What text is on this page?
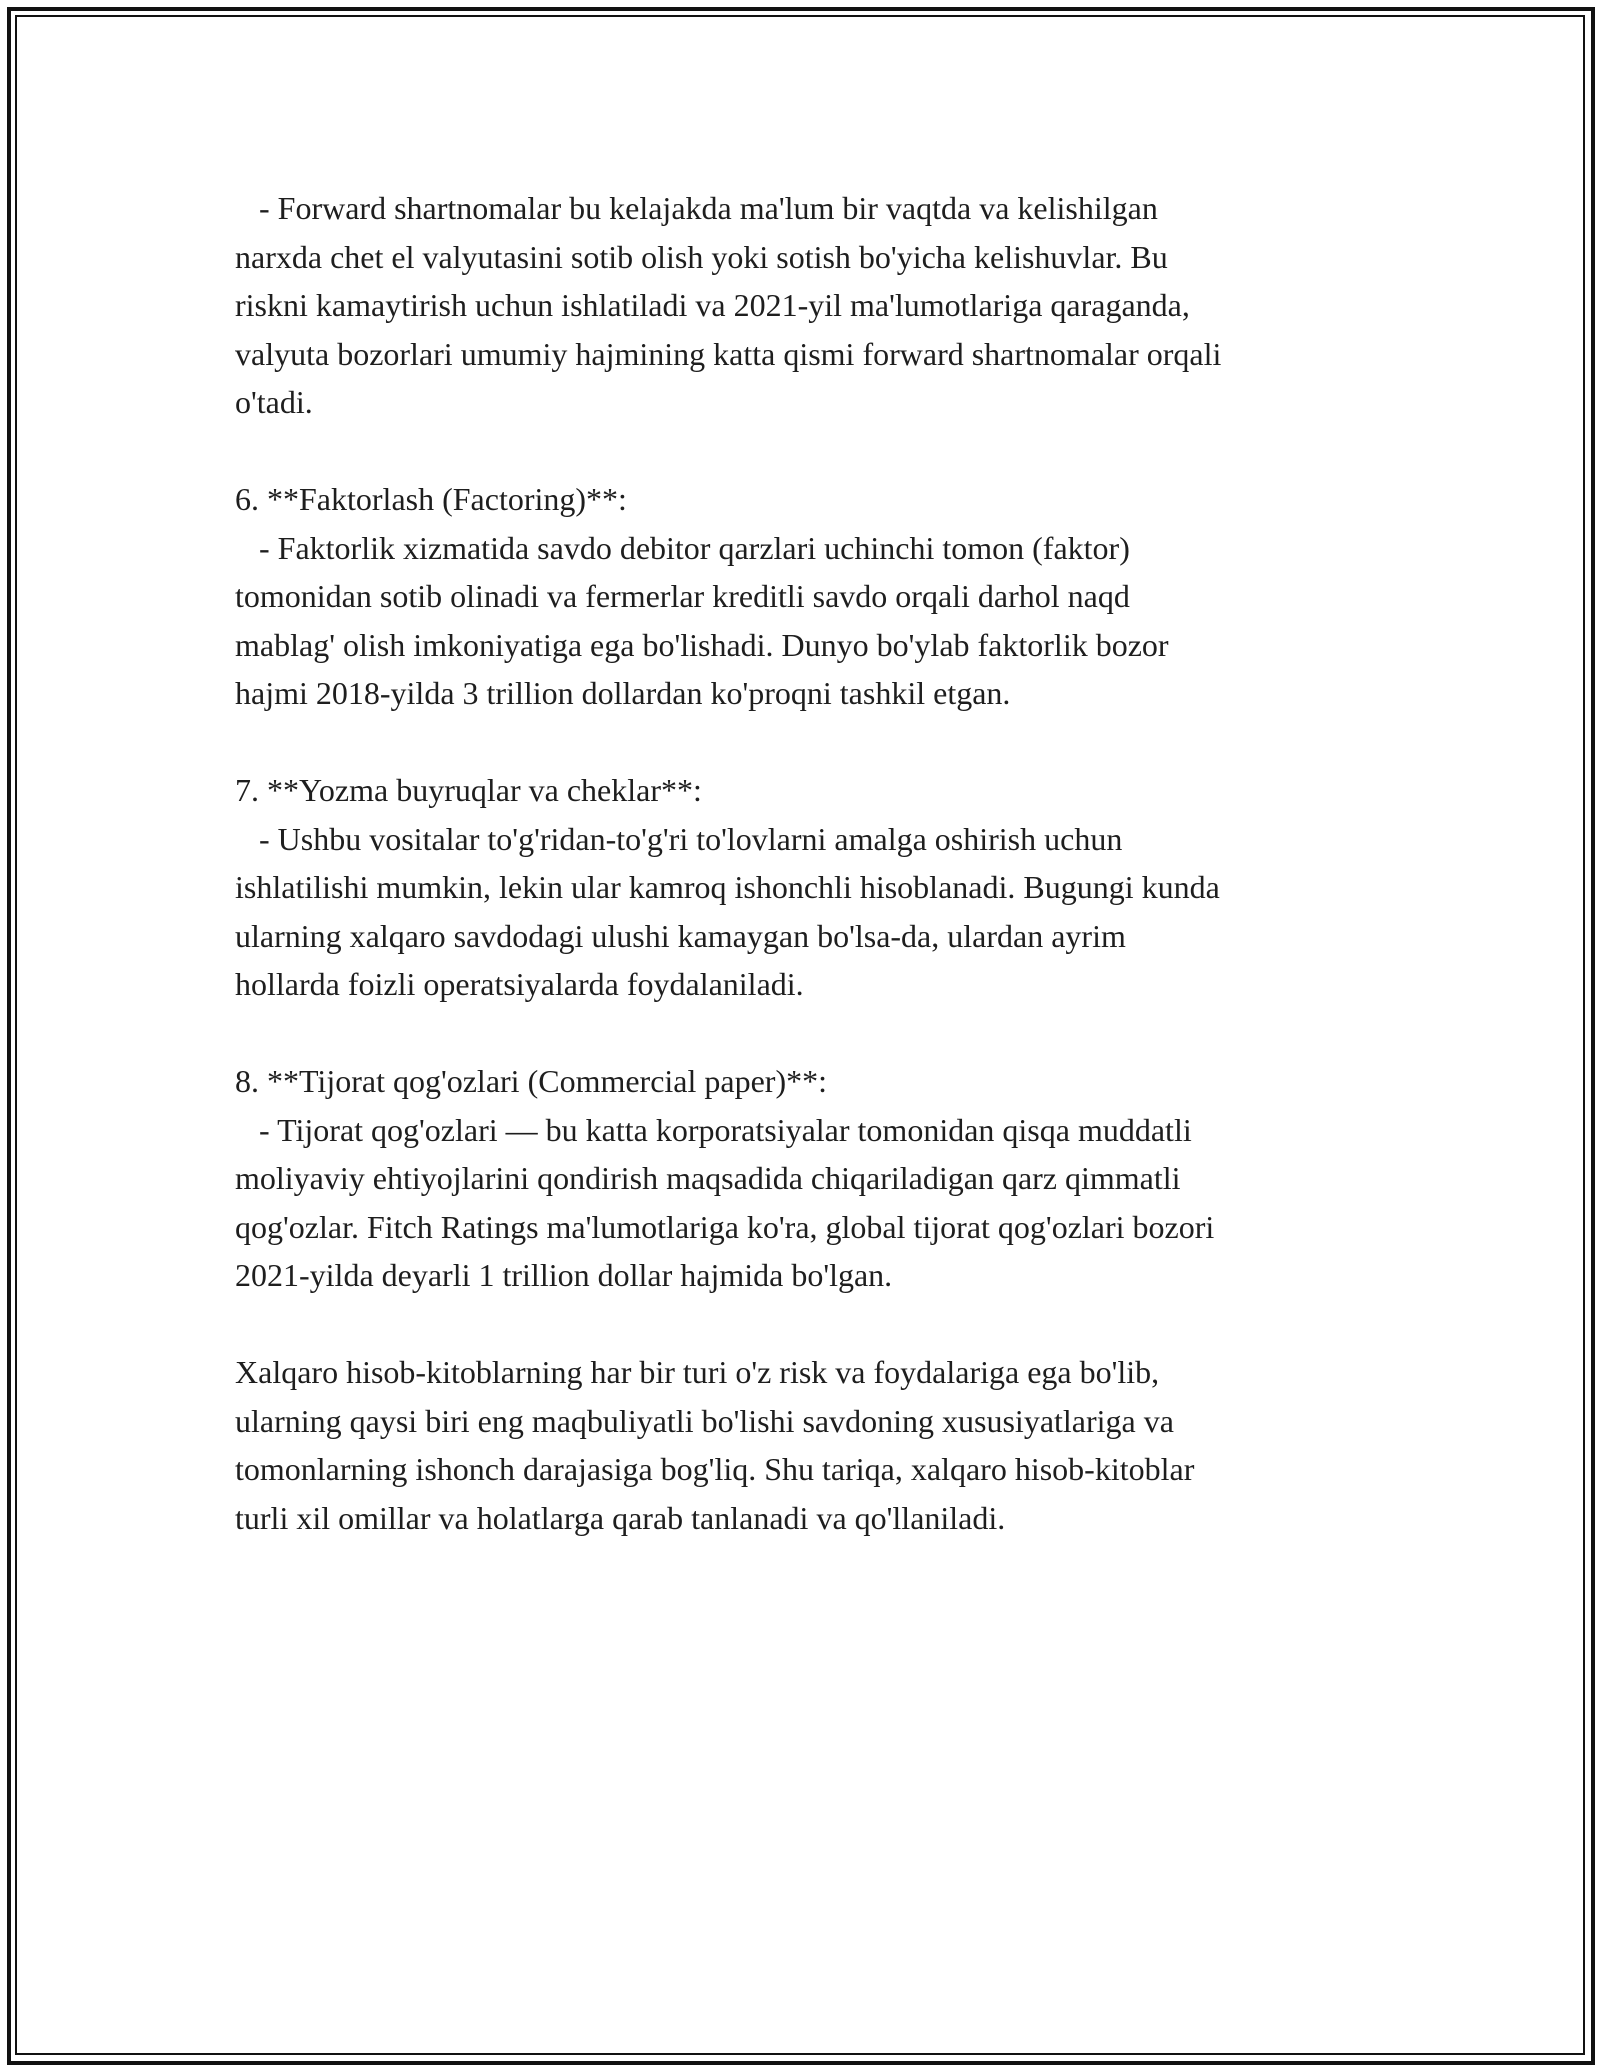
- Forward shartnomalar bu kelajakda ma'lum bir vaqtda va kelishilgan
narxda chet el valyutasini sotib olish yoki sotish bo'yicha kelishuvlar. Bu
riskni kamaytirish uchun ishlatiladi va 2021-yil ma'lumotlariga qaraganda,
valyuta bozorlari umumiy hajmining katta qismi forward shartnomalar orqali
o'tadi.
6. **Faktorlash (Factoring)**:
- Faktorlik xizmatida savdo debitor qarzlari uchinchi tomon (faktor)
tomonidan sotib olinadi va fermerlar kreditli savdo orqali darhol naqd
mablag' olish imkoniyatiga ega bo'lishadi. Dunyo bo'ylab faktorlik bozor
hajmi 2018-yilda 3 trillion dollardan ko'proqni tashkil etgan.
7. **Yozma buyruqlar va cheklar**:
- Ushbu vositalar to'g'ridan-to'g'ri to'lovlarni amalga oshirish uchun
ishlatilishi mumkin, lekin ular kamroq ishonchli hisoblanadi. Bugungi kunda
ularning xalqaro savdodagi ulushi kamaygan bo'lsa-da, ulardan ayrim
hollarda foizli operatsiyalarda foydalaniladi.
8. **Tijorat qog'ozlari (Commercial paper)**:
- Tijorat qog'ozlari — bu katta korporatsiyalar tomonidan qisqa muddatli
moliyaviy ehtiyojlarini qondirish maqsadida chiqariladigan qarz qimmatli
qog'ozlar. Fitch Ratings ma'lumotlariga ko'ra, global tijorat qog'ozlari bozori
2021-yilda deyarli 1 trillion dollar hajmida bo'lgan.
Xalqaro hisob-kitoblarning har bir turi o'z risk va foydalariga ega bo'lib,
ularning qaysi biri eng maqbuliyatli bo'lishi savdoning xususiyatlariga va
tomonlarning ishonch darajasiga bog'liq. Shu tariqa, xalqaro hisob-kitoblar
turli xil omillar va holatlarga qarab tanlanadi va qo'llaniladi.
